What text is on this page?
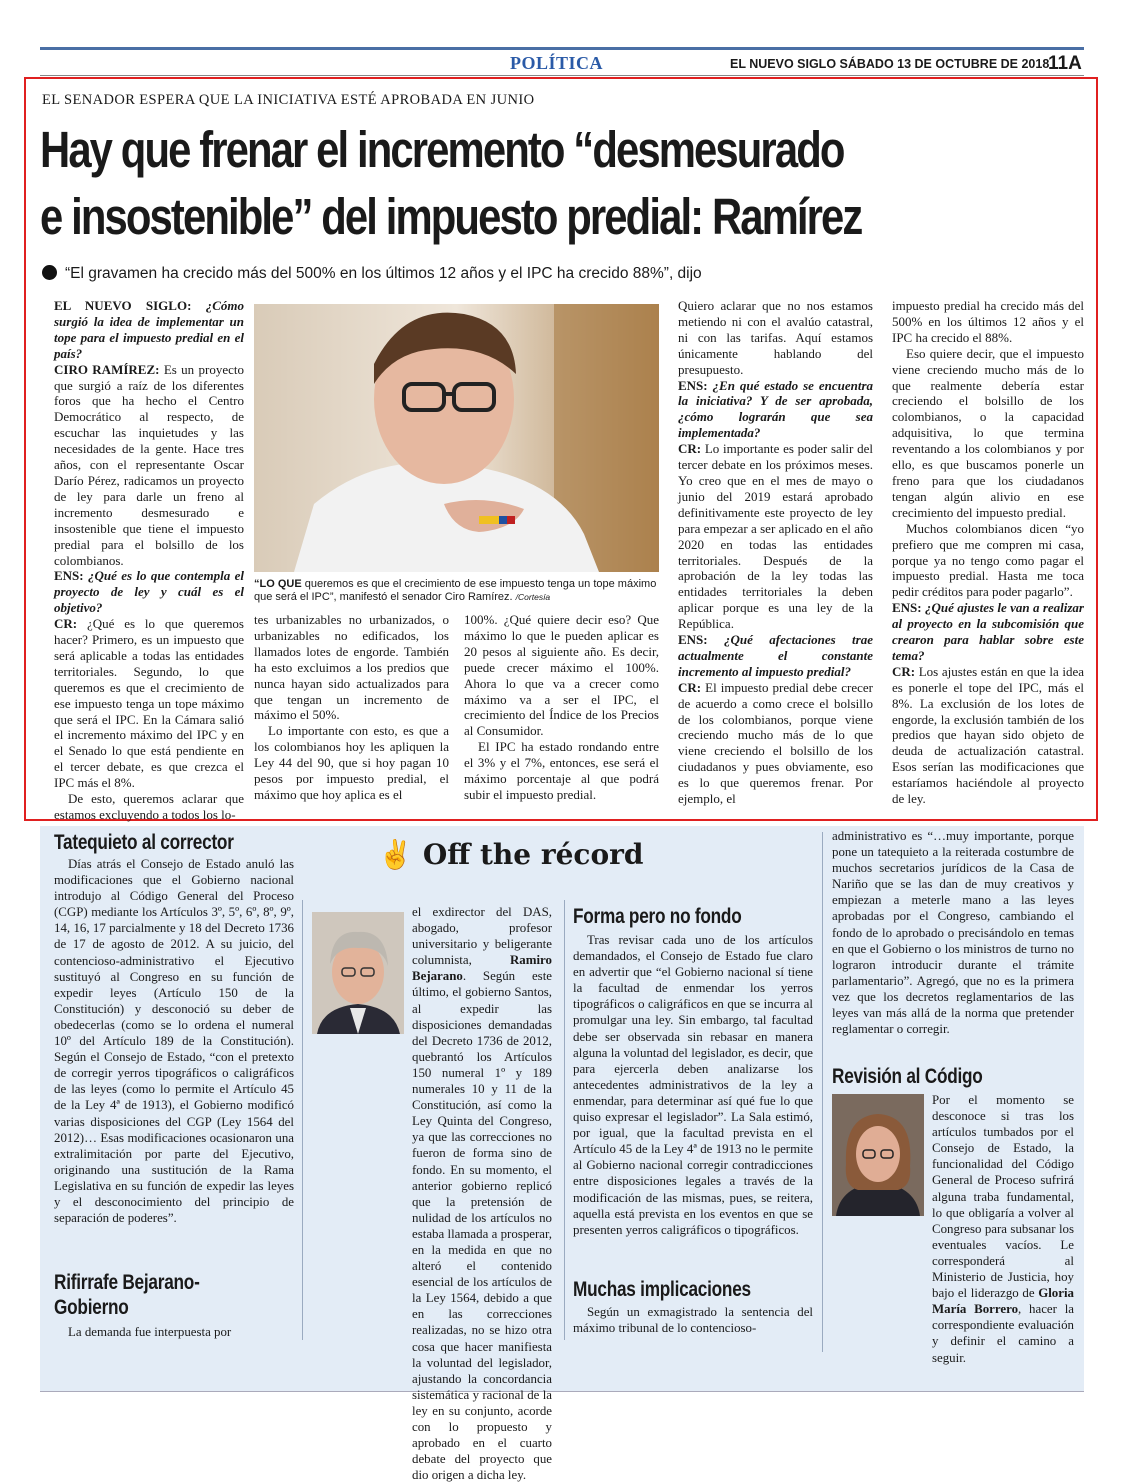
POLÍTICA	EL NUEVO SIGLO SÁBADO 13 DE OCTUBRE DE 2018
11A
EL SENADOR ESPERA QUE LA INICIATIVA ESTÉ APROBADA EN JUNIO
Hay que frenar el incremento “desmesurado
e insostenible” del impuesto predial: Ramírez
“El gravamen ha crecido más del 500% en los últimos 12 años y el IPC ha crecido 88%”, dijo

EL NUEVO SIGLO: ¿Cómo surgió la idea de implementar un tope para el impuesto predial en el país?

CIRO RAMÍREZ: Es un proyecto que surgió a raíz de los diferentes foros que ha hecho el Centro Democrático al respecto, de escuchar las inquietudes y las necesidades de la gente. Hace tres años, con el representante Oscar Darío Pérez, radicamos un proyecto de ley para darle un freno al incremento desmesurado e insostenible que tiene el impuesto predial para el bolsillo de los colombianos.

ENS: ¿Qué es lo que contempla el proyecto de ley y cuál es el objetivo?

CR: ¿Qué es lo que queremos hacer? Primero, es un impuesto que será aplicable a todas las entidades territoriales. Segundo, lo que queremos es que el crecimiento de ese impuesto tenga un tope máximo que será el IPC. En la Cámara salió el incremento máximo del IPC y en el Senado lo que está pendiente en el tercer debate, es que crezca el IPC más el 8%.

De esto, queremos aclarar que estamos excluyendo a todos los lo-

“LO QUE queremos es que el crecimiento de ese impuesto tenga un tope máximo que será el IPC”, manifestó el senador Ciro Ramírez. /Cortesía

tes urbanizables no urbanizados, o urbanizables no edificados, los llamados lotes de engorde. También ha esto excluimos a los predios que nunca hayan sido actualizados para que tengan un incremento de máximo el 50%.

Lo importante con esto, es que a los colombianos hoy les apliquen la Ley 44 del 90, que si hoy pagan 10 pesos por impuesto predial, el máximo que hoy aplica es el

100%. ¿Qué quiere decir eso? Que máximo lo que le pueden aplicar es 20 pesos al siguiente año. Es decir, puede crecer máximo el 100%. Ahora lo que va a crecer como máximo va a ser el IPC, el crecimiento del Índice de los Precios al Consumidor.

El IPC ha estado rondando entre el 3% y el 7%, entonces, ese será el máximo porcentaje al que podrá subir el impuesto predial.

Quiero aclarar que no nos estamos metiendo ni con el avalúo catastral, ni con las tarifas. Aquí estamos únicamente hablando del presupuesto.

ENS: ¿En qué estado se encuentra la iniciativa? Y de ser aprobada, ¿cómo lograrán que sea implementada?

CR: Lo importante es poder salir del tercer debate en los próximos meses. Yo creo que en el mes de mayo o junio del 2019 estará aprobado definitivamente este proyecto de ley para empezar a ser aplicado en el año 2020 en todas las entidades territoriales. Después de la aprobación de la ley todas las entidades territoriales la deben aplicar porque es una ley de la República.

ENS: ¿Qué afectaciones trae actualmente el constante incremento al impuesto predial?

CR: El impuesto predial debe crecer de acuerdo a como crece el bolsillo de los colombianos, porque viene creciendo mucho más de lo que viene creciendo el bolsillo de los ciudadanos y pues obviamente, eso es lo que queremos frenar. Por ejemplo, el

impuesto predial ha crecido más del 500% en los últimos 12 años y el IPC ha crecido el 88%.

Eso quiere decir, que el impuesto viene creciendo mucho más de lo que realmente debería estar creciendo el bolsillo de los colombianos, o la capacidad adquisitiva, lo que termina reventando a los colombianos y por ello, es que buscamos ponerle un freno para que los ciudadanos tengan algún alivio en ese crecimiento del impuesto predial.

Muchos colombianos dicen “yo prefiero que me compren mi casa, porque ya no tengo como pagar el impuesto predial. Hasta me toca pedir créditos para poder pagarlo”.

ENS: ¿Qué ajustes le van a realizar al proyecto en la subcomisión que crearon para hablar sobre este tema?

CR: Los ajustes están en que la idea es ponerle el tope del IPC, más el 8%. La exclusión de los lotes de engorde, la exclusión también de los predios que hayan sido objeto de deuda de actualización catastral. Esos serían las modificaciones que estaríamos haciéndole al proyecto de ley.

✌ Off the récord
Tatequieto al corrector

Días atrás el Consejo de Estado anuló las modificaciones que el Gobierno nacional introdujo al Código General del Proceso (CGP) mediante los Artículos 3º, 5º, 6º, 8º, 9º, 14, 16, 17 parcialmente y 18 del Decreto 1736 de 17 de agosto de 2012. A su juicio, del contencioso-administrativo el Ejecutivo sustituyó al Congreso en su función de expedir leyes (Artículo 150 de la Constitución) y desconoció su deber de obedecerlas (como se lo ordena el numeral 10º del Artículo 189 de la Constitución). Según el Consejo de Estado, “con el pretexto de corregir yerros tipográficos o caligráficos de las leyes (como lo permite el Artículo 45 de la Ley 4ª de 1913), el Gobierno modificó varias disposiciones del CGP (Ley 1564 del 2012)… Esas modificaciones ocasionaron una extralimitación por parte del Ejecutivo, originando una sustitución de la Rama Legislativa en su función de expedir las leyes y el desconocimiento del principio de separación de poderes”.

Rifirrafe Bejarano-
Gobierno

La demanda fue interpuesta por

el exdirector del DAS, abogado, profesor universitario y beligerante columnista, Ramiro Bejarano. Según este último, el gobierno Santos, al expedir las disposiciones demandadas del Decreto 1736 de 2012, quebrantó los Artículos 150 numeral 1º y 189 numerales 10 y 11 de la Constitución, así como la Ley Quinta del Congreso, ya que las correcciones no fueron de forma sino de fondo. En su momento, el anterior gobierno replicó que la pretensión de nulidad de los artículos no estaba llamada a prosperar, en la medida en que no alteró el contenido esencial de los artículos de la Ley 1564, debido a que en las correcciones realizadas, no se hizo otra cosa que hacer manifiesta la voluntad del legislador, ajustando la concordancia sistemática y racional de la ley en su conjunto, acorde con lo propuesto y aprobado en el cuarto debate del proyecto que dio origen a dicha ley.

Forma pero no fondo

Tras revisar cada uno de los artículos demandados, el Consejo de Estado fue claro en advertir que “el Gobierno nacional sí tiene la facultad de enmendar los yerros tipográficos o caligráficos en que se incurra al promulgar una ley. Sin embargo, tal facultad debe ser observada sin rebasar en manera alguna la voluntad del legislador, es decir, que para ejercerla deben analizarse los antecedentes administrativos de la ley a enmendar, para determinar así qué fue lo que quiso expresar el legislador”. La Sala estimó, por igual, que la facultad prevista en el Artículo 45 de la Ley 4ª de 1913 no le permite al Gobierno nacional corregir contradicciones entre disposiciones legales a través de la modificación de las mismas, pues, se reitera, aquella está prevista en los eventos en que se presenten yerros caligráficos o tipográficos.

Muchas implicaciones

Según un exmagistrado la sentencia del máximo tribunal de lo contencioso-

administrativo es “…muy importante, porque pone un tatequieto a la reiterada costumbre de muchos secretarios jurídicos de la Casa de Nariño que se las dan de muy creativos y empiezan a meterle mano a las leyes aprobadas por el Congreso, cambiando el fondo de lo aprobado o precisándolo en temas en que el Gobierno o los ministros de turno no lograron introducir durante el trámite parlamentario”. Agregó, que no es la primera vez que los decretos reglamentarios de las leyes van más allá de la norma que pretender reglamentar o corregir.

Revisión al Código

Por el momento se desconoce si tras los artículos tumbados por el Consejo de Estado, la funcionalidad del Código General de Proceso sufrirá alguna traba fundamental, lo que obligaría a volver al Congreso para subsanar los eventuales vacíos. Le corresponderá al Ministerio de Justicia, hoy bajo el liderazgo de Gloria María Borrero, hacer la correspondiente evaluación y definir el camino a seguir.
